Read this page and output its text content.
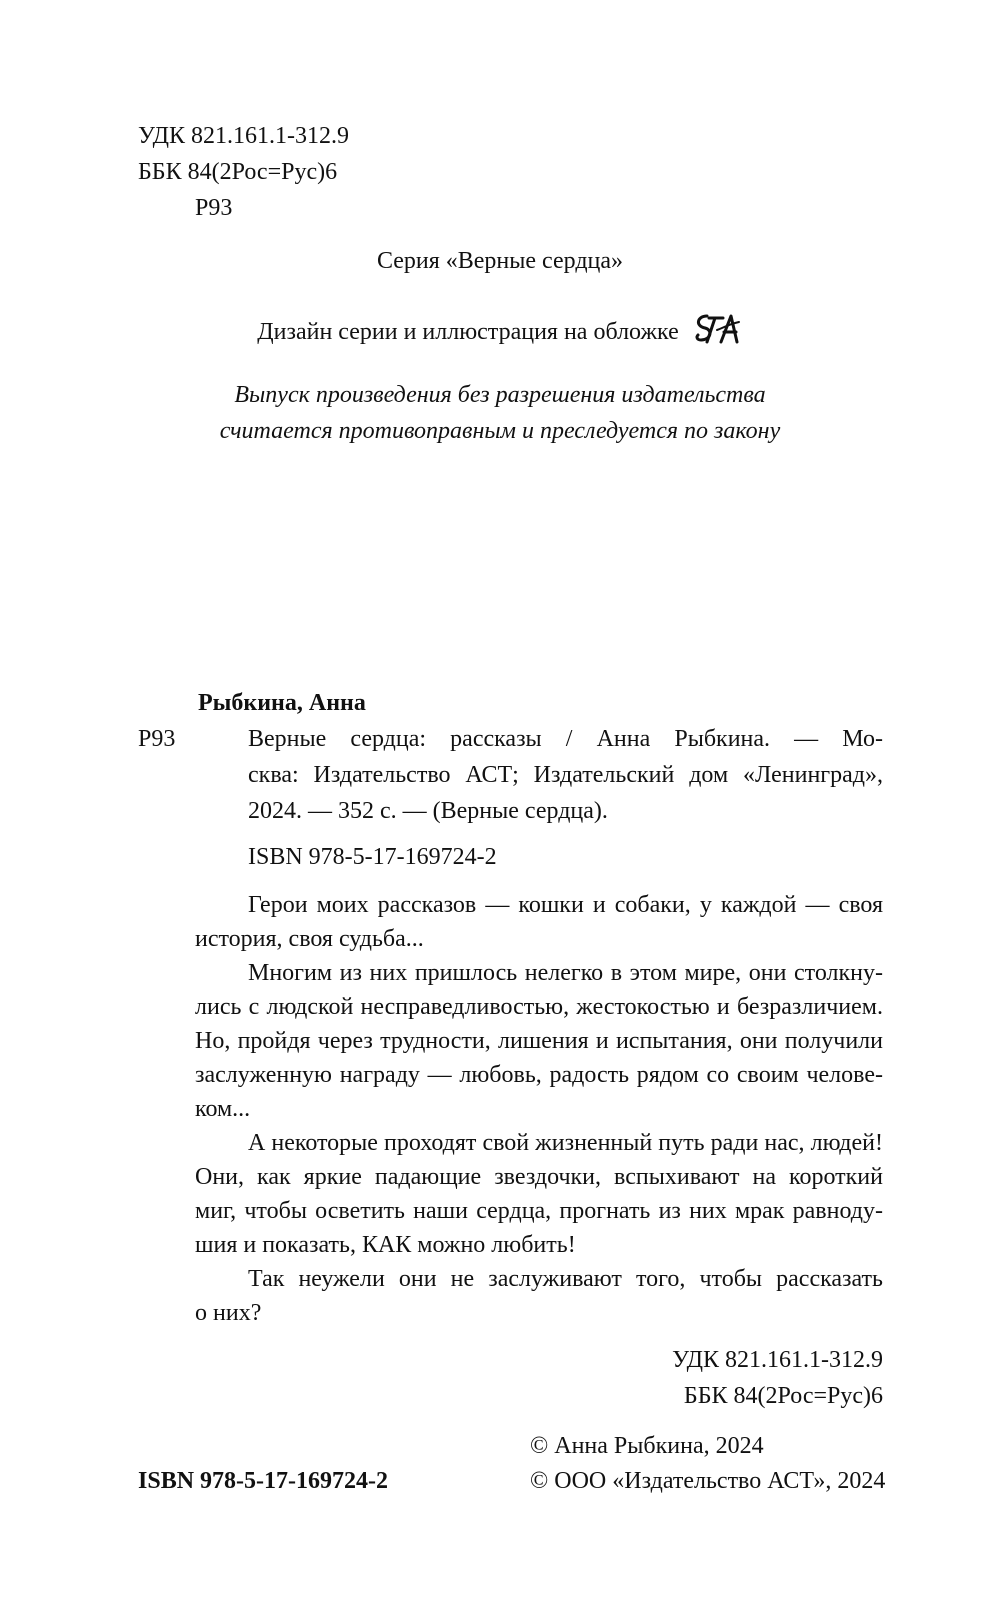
УДК 821.161.1-312.9
ББК 84(2Рос=Рус)6
Р93
Серия «Верные сердца»
Дизайн серии и иллюстрация на обложке
Выпуск произведения без разрешения издательства
считается противоправным и преследуется по закону
Рыбкина, Анна
Р93	Верные сердца: рассказы / Анна Рыбкина. — Мо-
сква: Издательство АСТ; Издательский дом «Ленинград»,
2024. — 352 с. — (Верные сердца).
ISBN 978-5-17-169724-2
Герои моих рассказов — кошки и собаки, у каждой — своя
история, своя судьба...
Многим из них пришлось нелегко в этом мире, они столкну-
лись с людской несправедливостью, жестокостью и безразличием.
Но, пройдя через трудности, лишения и испытания, они получили
заслуженную награду — любовь, радость рядом со своим челове-
ком...
А некоторые проходят свой жизненный путь ради нас, людей!
Они, как яркие падающие звездочки, вспыхивают на короткий
миг, чтобы осветить наши сердца, прогнать из них мрак равноду-
шия и показать, КАК можно любить!
Так неужели они не заслуживают того, чтобы рассказать
о них?
УДК 821.161.1-312.9
ББК 84(2Рос=Рус)6
© Анна Рыбкина, 2024
© ООО «Издательство АСТ», 2024
ISBN 978-5-17-169724-2
